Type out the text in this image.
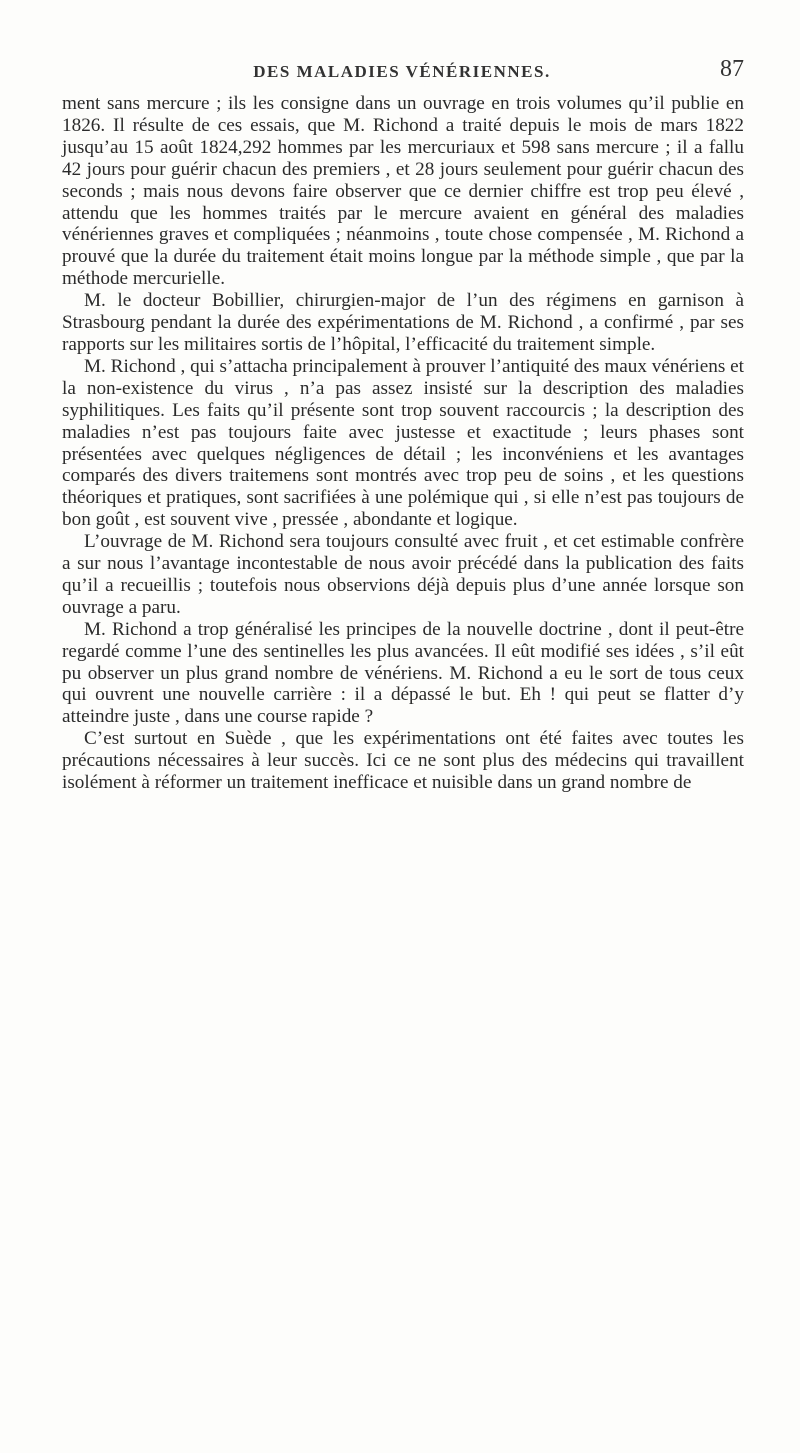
DES MALADIES VÉNÉRIENNES.	87

ment sans mercure ; ils les consigne dans un ouvrage en trois volumes qu’il publie en 1826. Il résulte de ces essais, que M. Richond a traité depuis le mois de mars 1822 jusqu’au 15 août 1824,292 hommes par les mercuriaux et 598 sans mercure ; il a fallu 42 jours pour guérir chacun des premiers , et 28 jours seulement pour guérir chacun des seconds ; mais nous devons faire observer que ce dernier chiffre est trop peu élevé , attendu que les hommes traités par le mercure avaient en général des maladies vénériennes graves et compliquées ; néanmoins , toute chose compensée , M. Richond a prouvé que la durée du traitement était moins longue par la méthode simple , que par la méthode mercurielle.

M. le docteur Bobillier, chirurgien-major de l’un des régimens en garnison à Strasbourg pendant la durée des expérimentations de M. Richond , a confirmé , par ses rapports sur les militaires sortis de l’hôpital, l’efficacité du traitement simple.

M. Richond , qui s’attacha principalement à prouver l’antiquité des maux vénériens et la non-existence du virus , n’a pas assez insisté sur la description des maladies syphilitiques. Les faits qu’il présente sont trop souvent raccourcis ; la description des maladies n’est pas toujours faite avec justesse et exactitude ; leurs phases sont présentées avec quelques négligences de détail ; les inconvéniens et les avantages comparés des divers traitemens sont montrés avec trop peu de soins , et les questions théoriques et pratiques, sont sacrifiées à une polémique qui , si elle n’est pas toujours de bon goût , est souvent vive , pressée , abondante et logique.

L’ouvrage de M. Richond sera toujours consulté avec fruit , et cet estimable confrère a sur nous l’avantage incontestable de nous avoir précédé dans la publication des faits qu’il a recueillis ; toutefois nous observions déjà depuis plus d’une année lorsque son ouvrage a paru.

M. Richond a trop généralisé les principes de la nouvelle doctrine , dont il peut-être regardé comme l’une des sentinelles les plus avancées. Il eût modifié ses idées , s’il eût pu observer un plus grand nombre de vénériens. M. Richond a eu le sort de tous ceux qui ouvrent une nouvelle carrière : il a dépassé le but. Eh ! qui peut se flatter d’y atteindre juste , dans une course rapide ?

C’est surtout en Suède , que les expérimentations ont été faites avec toutes les précautions nécessaires à leur succès. Ici ce ne sont plus des médecins qui travaillent isolément à réformer un traitement inefficace et nuisible dans un grand nombre de
